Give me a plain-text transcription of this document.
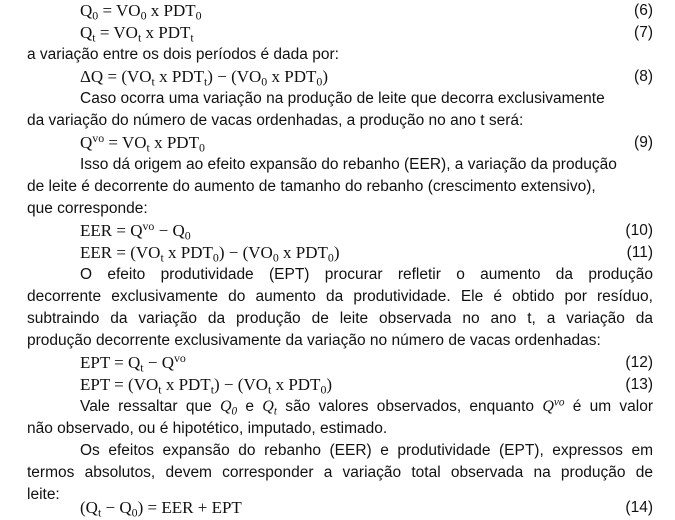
$Q_0 = VO_0$ x $PDT_0$	(6)
$Q_t = VO_t$ x $PDT_t$	(7)
a variação entre os dois períodos é dada por:
$\Delta Q = (VO_t$ x $PDT_t) - (VO_0$ x $PDT_0$)	(8)
Caso ocorra uma variação na produção de leite que decorra exclusivamente
da variação do número de vacas ordenhadas, a produção no ano t será:
$Q^{vo} = VO_t$ x $PDT_0$	(9)
Isso dá origem ao efeito expansão do rebanho (EER), a variação da produção
de leite é decorrente do aumento de tamanho do rebanho (crescimento extensivo),
que corresponde:
EER = $Q^{vo} - Q_0$	(10)
EER = ($VO_t$ x $PDT_0) - (VO_0$ x $PDT_0$)	(11)
O efeito produtividade (EPT) procurar refletir o aumento da produção
decorrente exclusivamente do aumento da produtividade. Ele é obtido por resíduo,
subtraindo da variação da produção de leite observada no ano t, a variação da
produção decorrente exclusivamente da variação no número de vacas ordenhadas:
EPT = $Q_t - Q^{vo}$	(12)
EPT = ($VO_t$ x $PDT_t) - (VO_t$ x $PDT_0$)	(13)
Vale ressaltar que $Q_0$ e $Q_t$ são valores observados, enquanto $Q^{vo}$ é um valor
não observado, ou é hipotético, imputado, estimado.
Os efeitos expansão do rebanho (EER) e produtividade (EPT), expressos em
termos absolutos, devem corresponder a variação total observada na produção de
leite:
$(Q_t - Q_0)$ = EER + EPT	(14)
